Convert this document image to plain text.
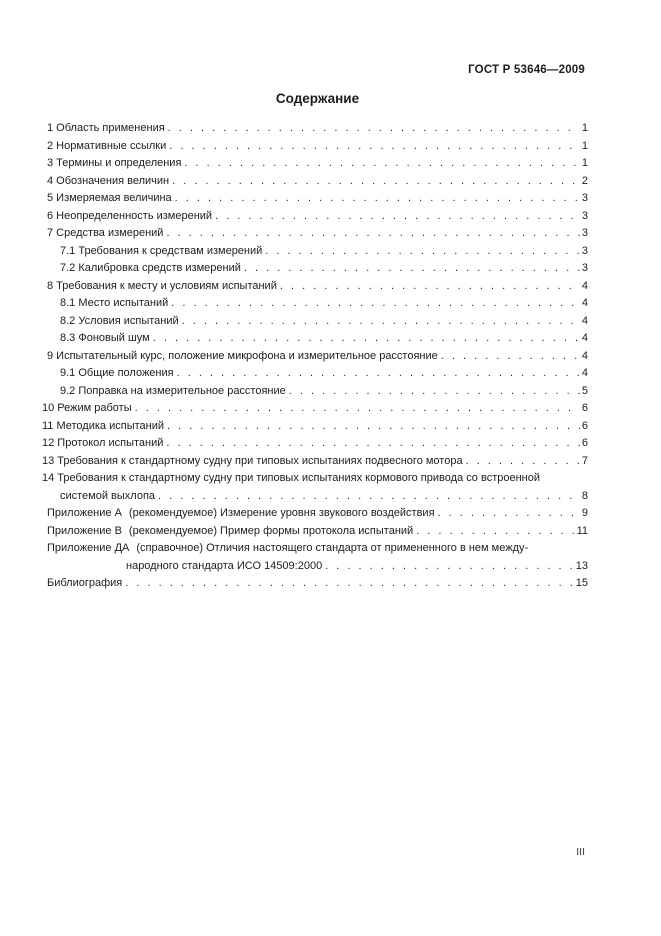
ГОСТ Р 53646—2009
Содержание
1 Область применения . . .	1
2 Нормативные ссылки . . .	1
3 Термины и определения . . .	1
4 Обозначения величин . . .	2
5 Измеряемая величина . . .	3
6 Неопределенность измерений . . .	3
7 Средства измерений . . .	3
7.1 Требования к средствам измерений . . .	3
7.2 Калибровка средств измерений . . .	3
8 Требования к месту и условиям испытаний . . .	4
8.1 Место испытаний . . .	4
8.2 Условия испытаний . . .	4
8.3 Фоновый шум . . .	4
9 Испытательный курс, положение микрофона и измерительное расстояние . . .	4
9.1 Общие положения . . .	4
9.2 Поправка на измерительное расстояние . . .	5
10 Режим работы . . .	6
11 Методика испытаний . . .	6
12 Протокол испытаний . . .	6
13 Требования к стандартному судну при типовых испытаниях подвесного мотора . . .	7
14 Требования к стандартному судну при типовых испытаниях кормового привода со встроенной
системой выхлопа . . .	8
Приложение А (рекомендуемое) Измерение уровня звукового воздействия . . .	9
Приложение В (рекомендуемое) Пример формы протокола испытаний . . .	11
Приложение ДА (справочное) Отличия настоящего стандарта от примененного в нем между-
народного стандарта ИСО 14509:2000 . . .	13
Библиография . . .	15
III
